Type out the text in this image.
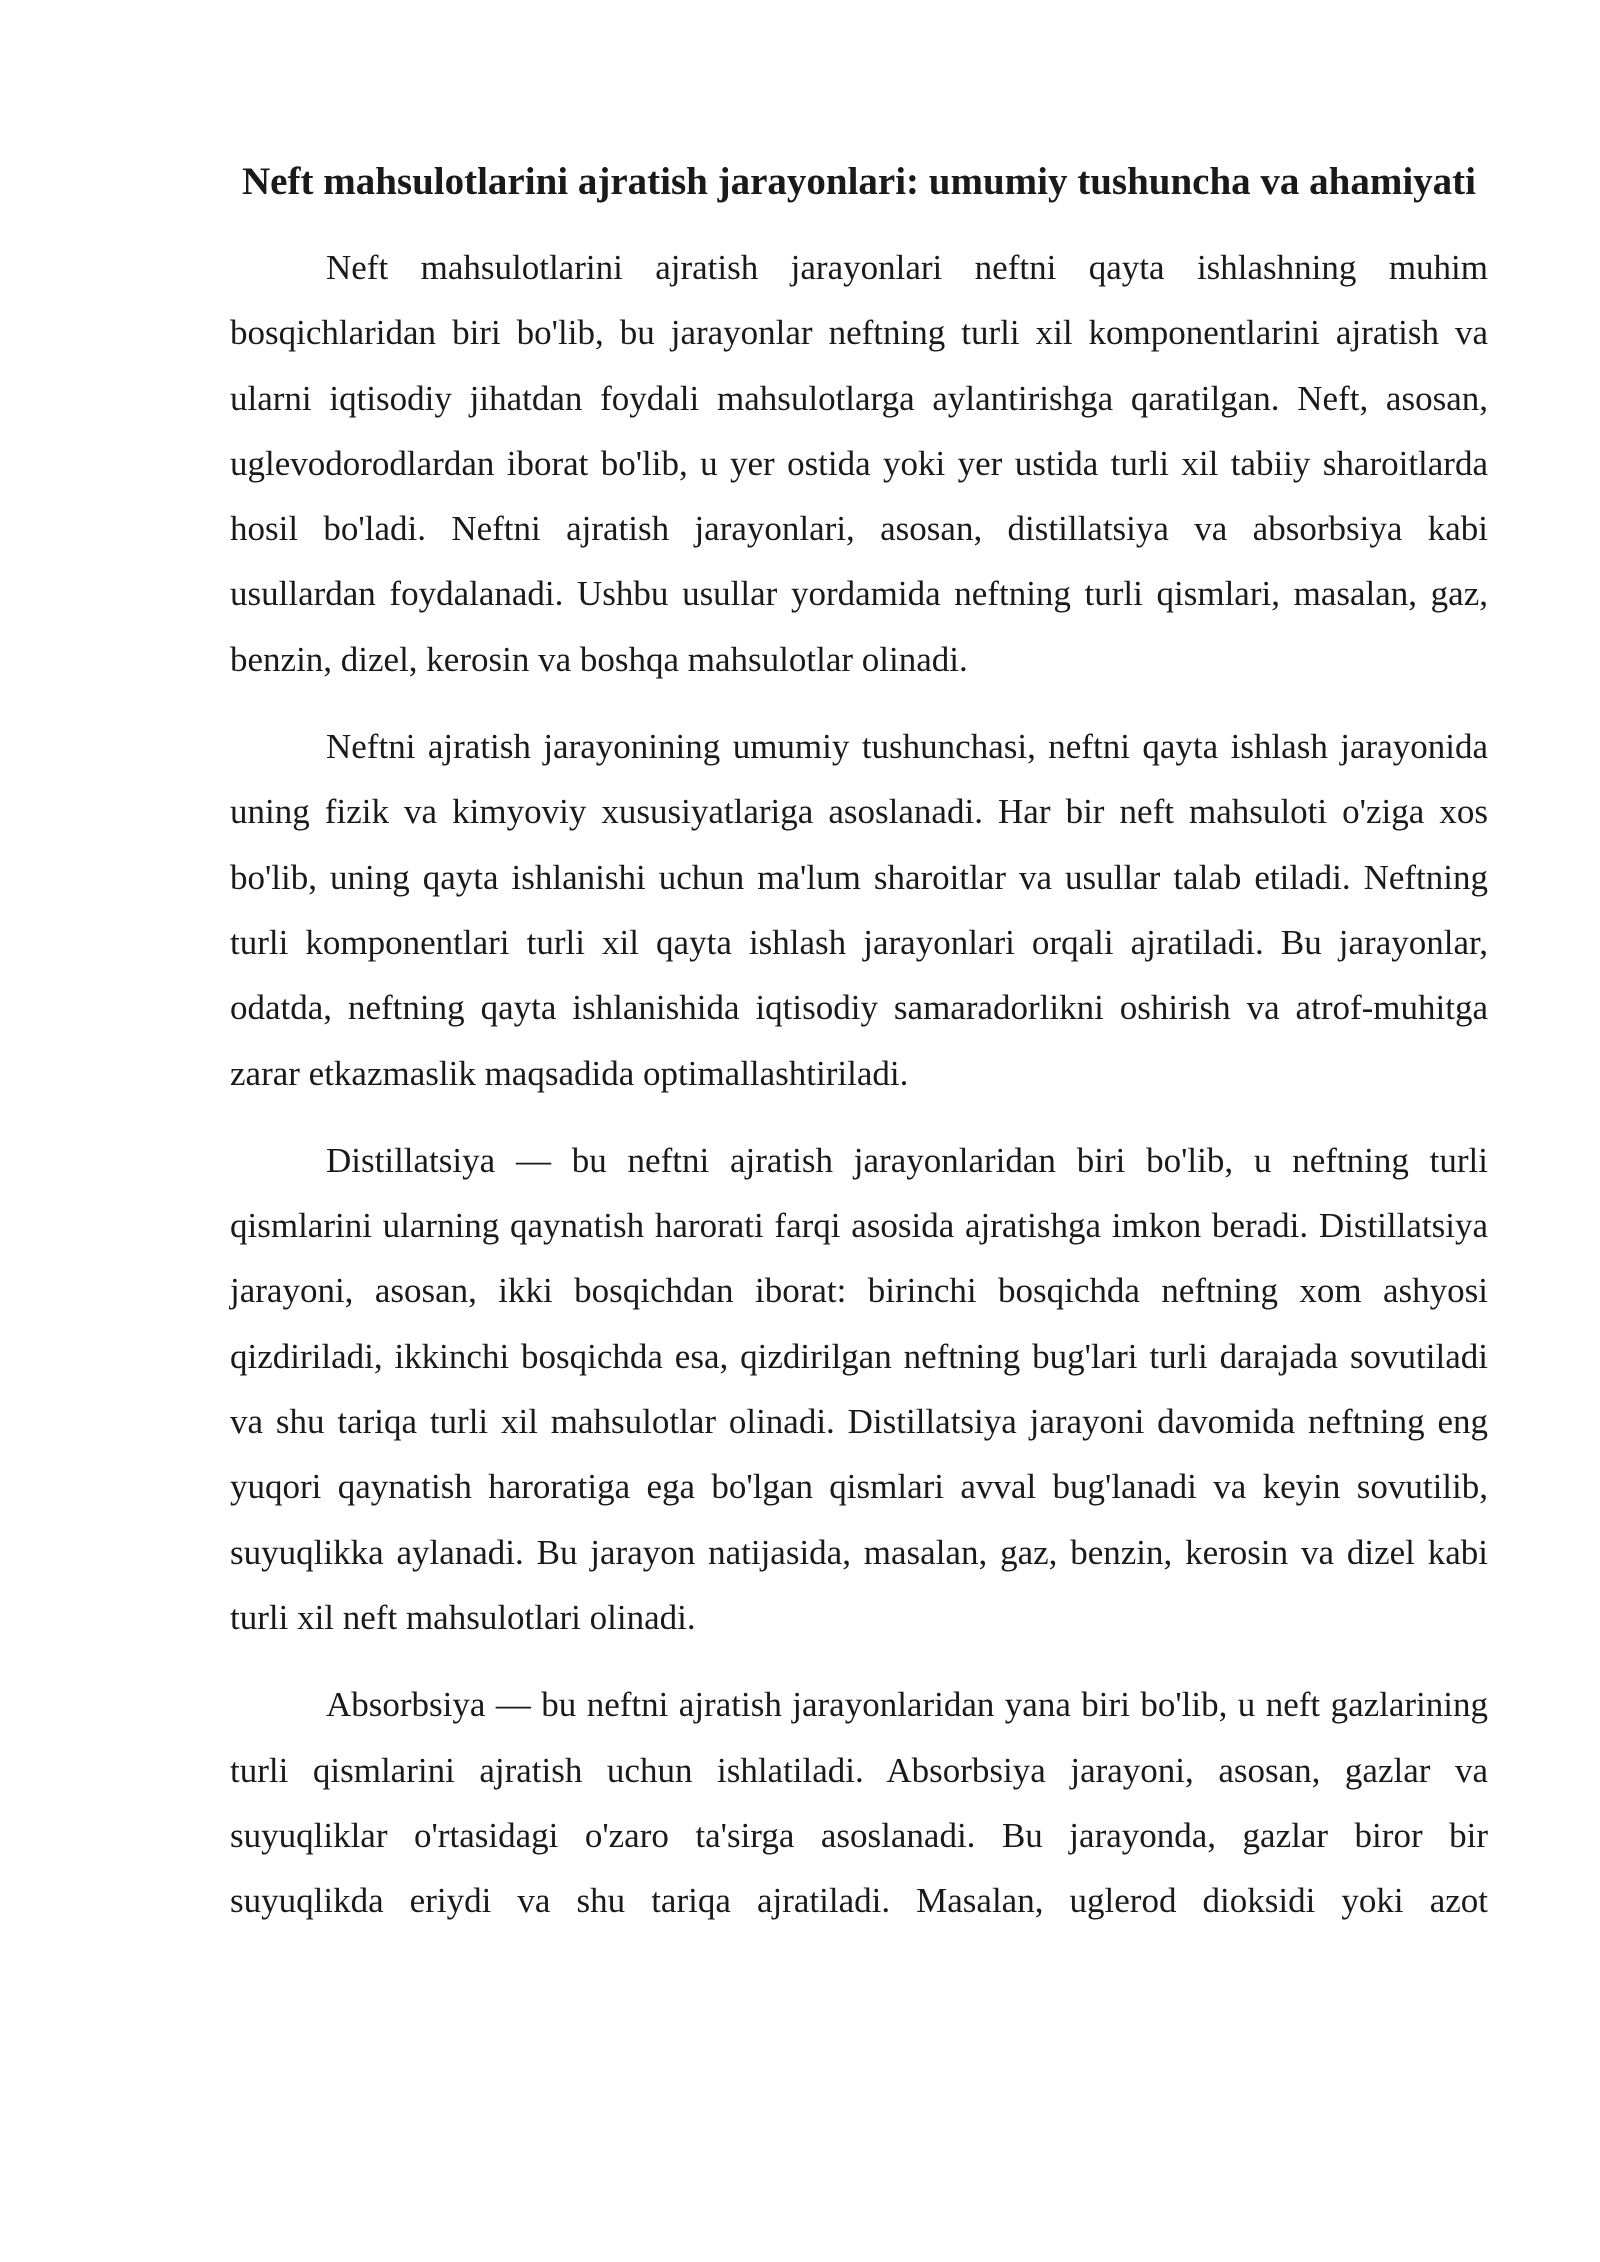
Neft mahsulotlarini ajratish jarayonlari: umumiy tushuncha va ahamiyati

Neft mahsulotlarini ajratish jarayonlari neftni qayta ishlashning muhim bosqichlaridan biri bo'lib, bu jarayonlar neftning turli xil komponentlarini ajratish va ularni iqtisodiy jihatdan foydali mahsulotlarga aylantirishga qaratilgan. Neft, asosan, uglevodorodlardan iborat bo'lib, u yer ostida yoki yer ustida turli xil tabiiy sharoitlarda hosil bo'ladi. Neftni ajratish jarayonlari, asosan, distillatsiya va absorbsiya kabi usullardan foydalanadi. Ushbu usullar yordamida neftning turli qismlari, masalan, gaz, benzin, dizel, kerosin va boshqa mahsulotlar olinadi.

Neftni ajratish jarayonining umumiy tushunchasi, neftni qayta ishlash jarayonida uning fizik va kimyoviy xususiyatlariga asoslanadi. Har bir neft mahsuloti o'ziga xos bo'lib, uning qayta ishlanishi uchun ma'lum sharoitlar va usullar talab etiladi. Neftning turli komponentlari turli xil qayta ishlash jarayonlari orqali ajratiladi. Bu jarayonlar, odatda, neftning qayta ishlanishida iqtisodiy samaradorlikni oshirish va atrof-muhitga zarar etkazmaslik maqsadida optimallashtiriladi.

Distillatsiya — bu neftni ajratish jarayonlaridan biri bo'lib, u neftning turli qismlarini ularning qaynatish harorati farqi asosida ajratishga imkon beradi. Distillatsiya jarayoni, asosan, ikki bosqichdan iborat: birinchi bosqichda neftning xom ashyosi qizdiriladi, ikkinchi bosqichda esa, qizdirilgan neftning bug'lari turli darajada sovutiladi va shu tariqa turli xil mahsulotlar olinadi. Distillatsiya jarayoni davomida neftning eng yuqori qaynatish haroratiga ega bo'lgan qismlari avval bug'lanadi va keyin sovutilib, suyuqlikka aylanadi. Bu jarayon natijasida, masalan, gaz, benzin, kerosin va dizel kabi turli xil neft mahsulotlari olinadi.

Absorbsiya — bu neftni ajratish jarayonlaridan yana biri bo'lib, u neft gazlarining turli qismlarini ajratish uchun ishlatiladi. Absorbsiya jarayoni, asosan, gazlar va suyuqliklar o'rtasidagi o'zaro ta'sirga asoslanadi. Bu jarayonda, gazlar biror bir suyuqlikda eriydi va shu tariqa ajratiladi. Masalan, uglerod dioksidi yoki azot
